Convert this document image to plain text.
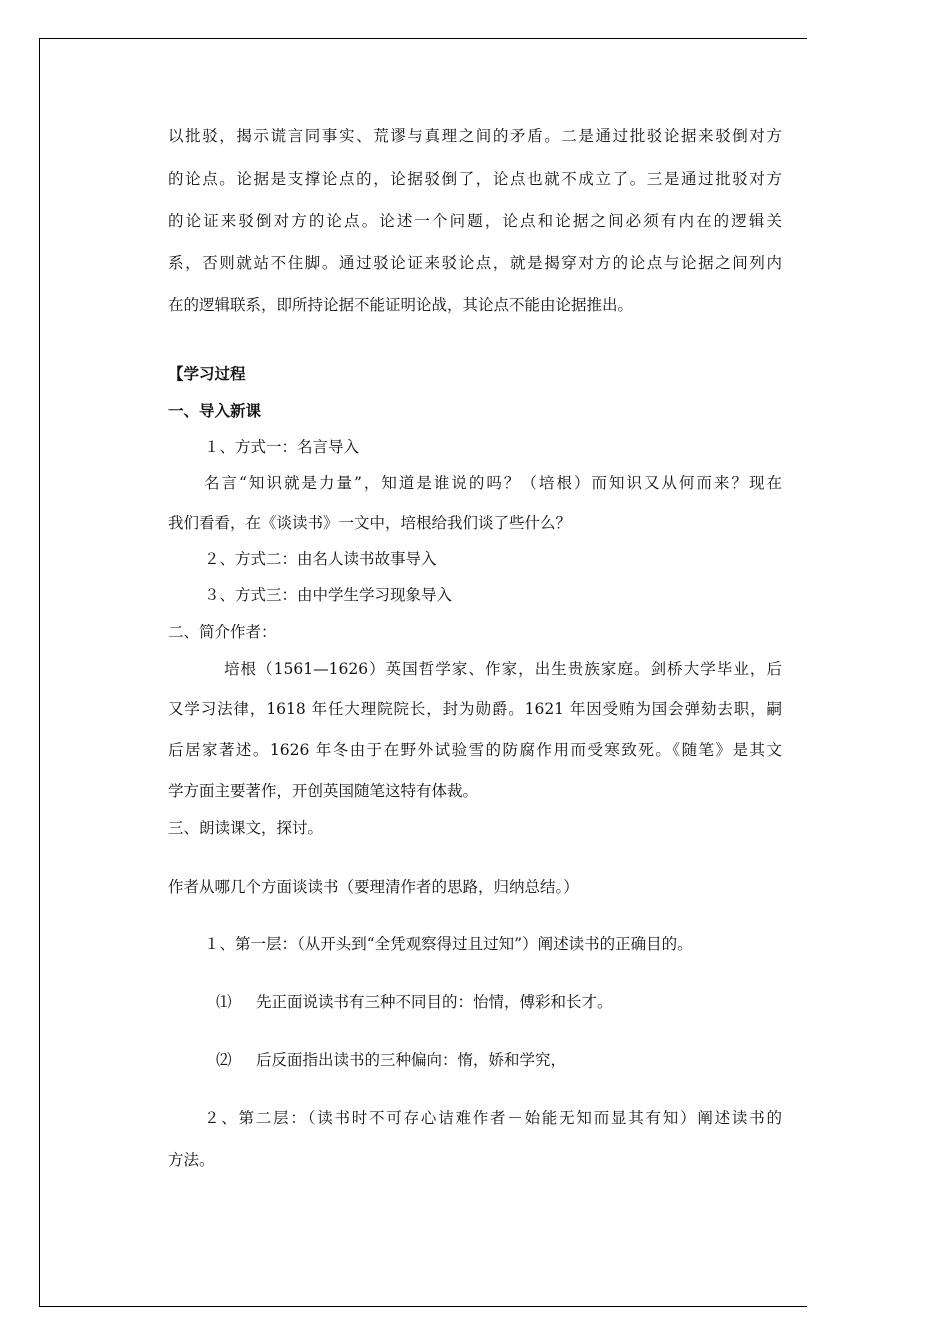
以批驳，揭示谎言同事实、荒谬与真理之间的矛盾。二是通过批驳论据来驳倒对方
的论点。论据是支撑论点的，论据驳倒了，论点也就不成立了。三是通过批驳对方
的论证来驳倒对方的论点。论述一个问题，论点和论据之间必须有内在的逻辑关
系，否则就站不住脚。通过驳论证来驳论点，就是揭穿对方的论点与论据之间列内
在的逻辑联系，即所持论据不能证明论战，其论点不能由论据推出。
【学习过程
一、导入新课
１、方式一：名言导入
名言“知识就是力量”，知道是谁说的吗？（培根）而知识又从何而来？现在
我们看看，在《谈读书》一文中，培根给我们谈了些什么？
２、方式二：由名人读书故事导入
３、方式三：由中学生学习现象导入
二、简介作者：
培根（1561—1626）英国哲学家、作家，出生贵族家庭。剑桥大学毕业，后
又学习法律，1618 年任大理院院长，封为勋爵。1621 年因受贿为国会弹劾去职，嗣
后居家著述。1626 年冬由于在野外试验雪的防腐作用而受寒致死。《随笔》是其文
学方面主要著作，开创英国随笔这特有体裁。
三、朗读课文，探讨。
作者从哪几个方面谈读书（要理清作者的思路，归纳总结。）
１、第一层：（从开头到“全凭观察得过且过知”）阐述读书的正确目的。
⑴ 先正面说读书有三种不同目的：怡情，傅彩和长才。
⑵ 后反面指出读书的三种偏向：惰，娇和学究，
２、第二层：（读书时不可存心诘难作者－始能无知而显其有知）阐述读书的
方法。
